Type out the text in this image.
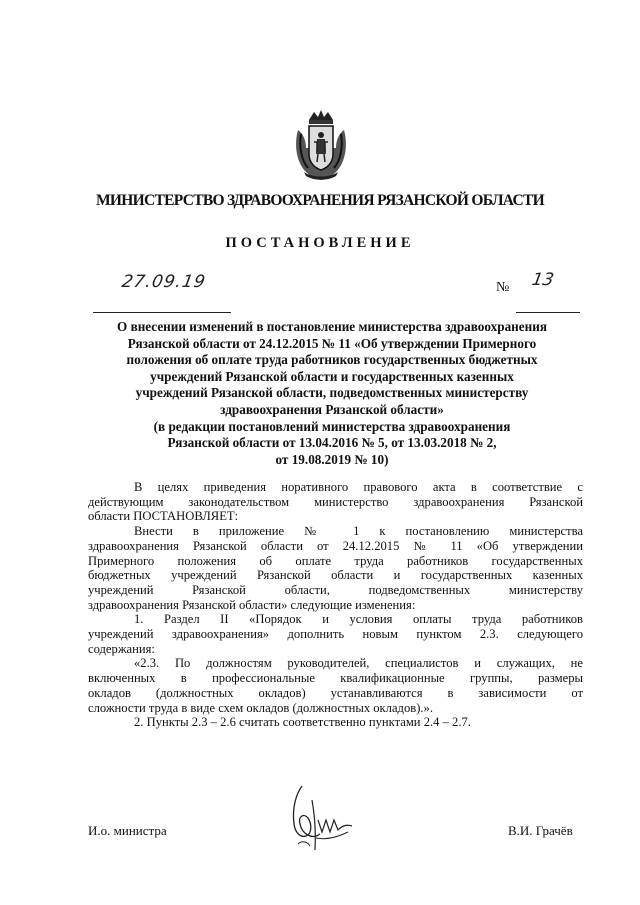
МИНИСТЕРСТВО ЗДРАВООХРАНЕНИЯ РЯЗАНСКОЙ ОБЛАСТИ
ПОСТАНОВЛЕНИЕ
27.09.19	№ 13
О внесении изменений в постановление министерства здравоохранения
Рязанской области от 24.12.2015 № 11 «Об утверждении Примерного
положения об оплате труда работников государственных бюджетных
учреждений Рязанской области и государственных казенных
учреждений Рязанской области, подведомственных министерству
здравоохранения Рязанской области»
(в редакции постановлений министерства здравоохранения
Рязанской области от 13.04.2016 № 5, от 13.03.2018 № 2,
от 19.08.2019 № 10)
В целях приведения норативного правового акта в соответствие с
действующим законодательством министерство здравоохранения Рязанской
области ПОСТАНОВЛЯЕТ:
Внести в приложение № 1 к постановлению министерства
здравоохранения Рязанской области от 24.12.2015 № 11 «Об утверждении
Примерного положения об оплате труда работников государственных
бюджетных учреждений Рязанской области и государственных казенных
учреждений Рязанской области, подведомственных министерству
здравоохранения Рязанской области» следующие изменения:
1. Раздел II «Порядок и условия оплаты труда работников
учреждений здравоохранения» дополнить новым пунктом 2.3. следующего
содержания:
«2.3. По должностям руководителей, специалистов и служащих, не
включенных в профессиональные квалификационные группы, размеры
окладов (должностных окладов) устанавливаются в зависимости от
сложности труда в виде схем окладов (должностных окладов).».
2. Пункты 2.3 – 2.6 считать соответственно пунктами 2.4 – 2.7.
И.о. министра	В.И. Грачёв
